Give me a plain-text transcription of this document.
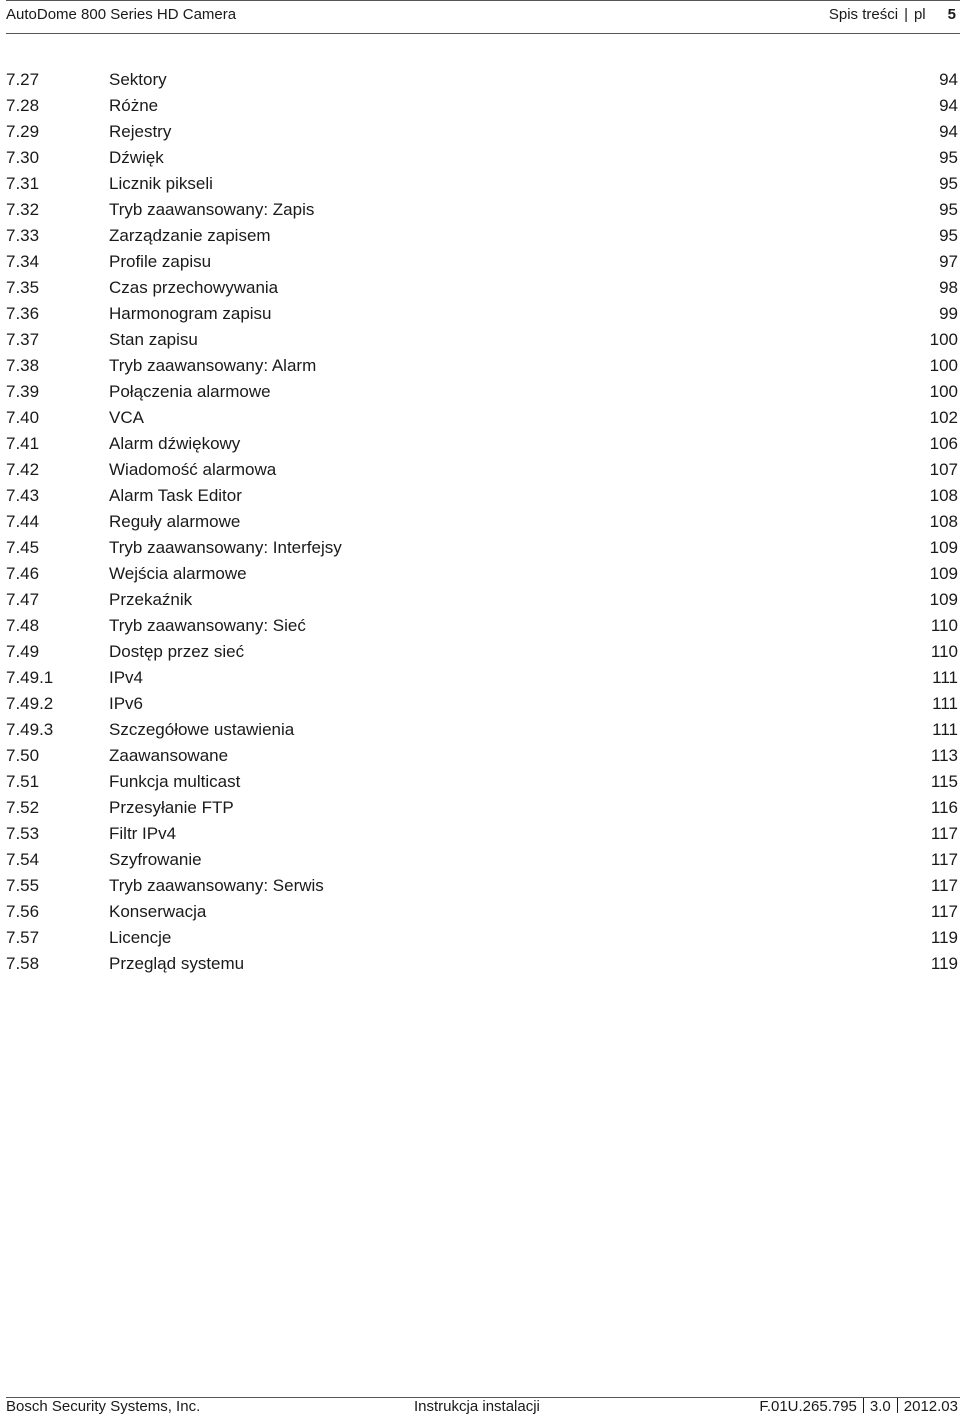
AutoDome 800 Series HD Camera	Spis treści | pl 5
7.27	Sektory	94
7.28	Różne	94
7.29	Rejestry	94
7.30	Dźwięk	95
7.31	Licznik pikseli	95
7.32	Tryb zaawansowany: Zapis	95
7.33	Zarządzanie zapisem	95
7.34	Profile zapisu	97
7.35	Czas przechowywania	98
7.36	Harmonogram zapisu	99
7.37	Stan zapisu	100
7.38	Tryb zaawansowany: Alarm	100
7.39	Połączenia alarmowe	100
7.40	VCA	102
7.41	Alarm dźwiękowy	106
7.42	Wiadomość alarmowa	107
7.43	Alarm Task Editor	108
7.44	Reguły alarmowe	108
7.45	Tryb zaawansowany: Interfejsy	109
7.46	Wejścia alarmowe	109
7.47	Przekaźnik	109
7.48	Tryb zaawansowany: Sieć	110
7.49	Dostęp przez sieć	110
7.49.1	IPv4	111
7.49.2	IPv6	111
7.49.3	Szczegółowe ustawienia	111
7.50	Zaawansowane	113
7.51	Funkcja multicast	115
7.52	Przesyłanie FTP	116
7.53	Filtr IPv4	117
7.54	Szyfrowanie	117
7.55	Tryb zaawansowany: Serwis	117
7.56	Konserwacja	117
7.57	Licencje	119
7.58	Przegląd systemu	119
Bosch Security Systems, Inc.	Instrukcja instalacji	F.01U.265.795 3.0 2012.03
